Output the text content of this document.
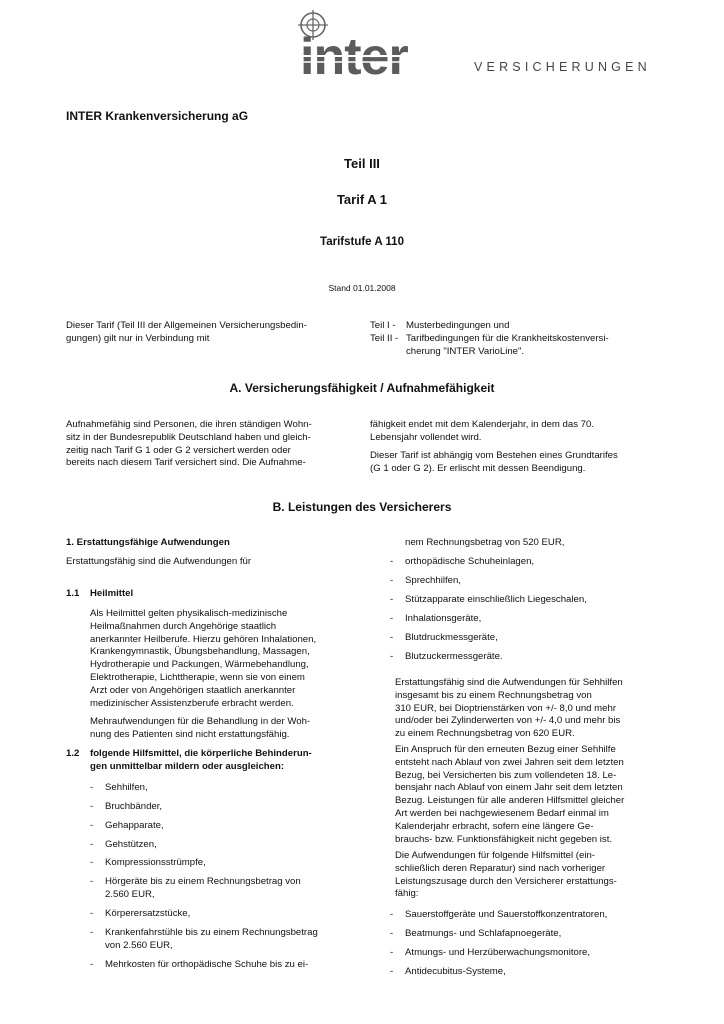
inter	VERSICHERUNGEN
INTER Krankenversicherung aG
Teil III
Tarif A 1
Tarifstufe A 110
Stand 01.01.2008
Dieser Tarif (Teil III der Allgemeinen Versicherungsbedin-
gungen) gilt nur in Verbindung mit
Teil I - Musterbedingungen und
Teil II - Tarifbedingungen für die Krankheitskostenversi-
cherung "INTER VarioLine".
A. Versicherungsfähigkeit / Aufnahmefähigkeit
Aufnahmefähig sind Personen, die ihren ständigen Wohn-
sitz in der Bundesrepublik Deutschland haben und gleich-
zeitig nach Tarif G 1 oder G 2 versichert werden oder
bereits nach diesem Tarif versichert sind. Die Aufnahme-
fähigkeit endet mit dem Kalenderjahr, in dem das 70.
Lebensjahr vollendet wird.
Dieser Tarif ist abhängig vom Bestehen eines Grundtarifes
(G 1 oder G 2). Er erlischt mit dessen Beendigung.
B. Leistungen des Versicherers
1. Erstattungsfähige Aufwendungen
Erstattungsfähig sind die Aufwendungen für
1.1 Heilmittel
Als Heilmittel gelten physikalisch-medizinische
Heilmaßnahmen durch Angehörige staatlich
anerkannter Heilberufe. Hierzu gehören Inhalationen,
Krankengymnastik, Übungsbehandlung, Massagen,
Hydrotherapie und Packungen, Wärmebehandlung,
Elektrotherapie, Lichttherapie, wenn sie von einem
Arzt oder von Angehörigen staatlich anerkannter
medizinischer Assistenzberufe erbracht werden.
Mehraufwendungen für die Behandlung in der Woh-
nung des Patienten sind nicht erstattungsfähig.
1.2 folgende Hilfsmittel, die körperliche Behinderun-
gen unmittelbar mildern oder ausgleichen:
- Sehhilfen,
- Bruchbänder,
- Gehapparate,
- Gehstützen,
- Kompressionsstrümpfe,
- Hörgeräte bis zu einem Rechnungsbetrag von
2.560 EUR,
- Körperersatzstücke,
- Krankenfahrstühle bis zu einem Rechnungsbetrag
von 2.560 EUR,
- Mehrkosten für orthopädische Schuhe bis zu ei-
nem Rechnungsbetrag von 520 EUR,
- orthopädische Schuheinlagen,
- Sprechhilfen,
- Stützapparate einschließlich Liegeschalen,
- Inhalationsgeräte,
- Blutdruckmessgeräte,
- Blutzuckermessgeräte.
Erstattungsfähig sind die Aufwendungen für Sehhilfen
insgesamt bis zu einem Rechnungsbetrag von
310 EUR, bei Dioptrienstärken von +/- 8,0 und mehr
und/oder bei Zylinderwerten von +/- 4,0 und mehr bis
zu einem Rechnungsbetrag von 620 EUR.
Ein Anspruch für den erneuten Bezug einer Sehhilfe
entsteht nach Ablauf von zwei Jahren seit dem letzten
Bezug, bei Versicherten bis zum vollendeten 18. Le-
bensjahr nach Ablauf von einem Jahr seit dem letzten
Bezug. Leistungen für alle anderen Hilfsmittel gleicher
Art werden bei nachgewiesenem Bedarf einmal im
Kalenderjahr erbracht, sofern eine längere Ge-
brauchs- bzw. Funktionsfähigkeit nicht gegeben ist.
Die Aufwendungen für folgende Hilfsmittel (ein-
schließlich deren Reparatur) sind nach vorheriger
Leistungszusage durch den Versicherer erstattungs-
fähig:
- Sauerstoffgeräte und Sauerstoffkonzentratoren,
- Beatmungs- und Schlafapnoegeräte,
- Atmungs- und Herzüberwachungsmonitore,
- Antidecubitus-Systeme,
